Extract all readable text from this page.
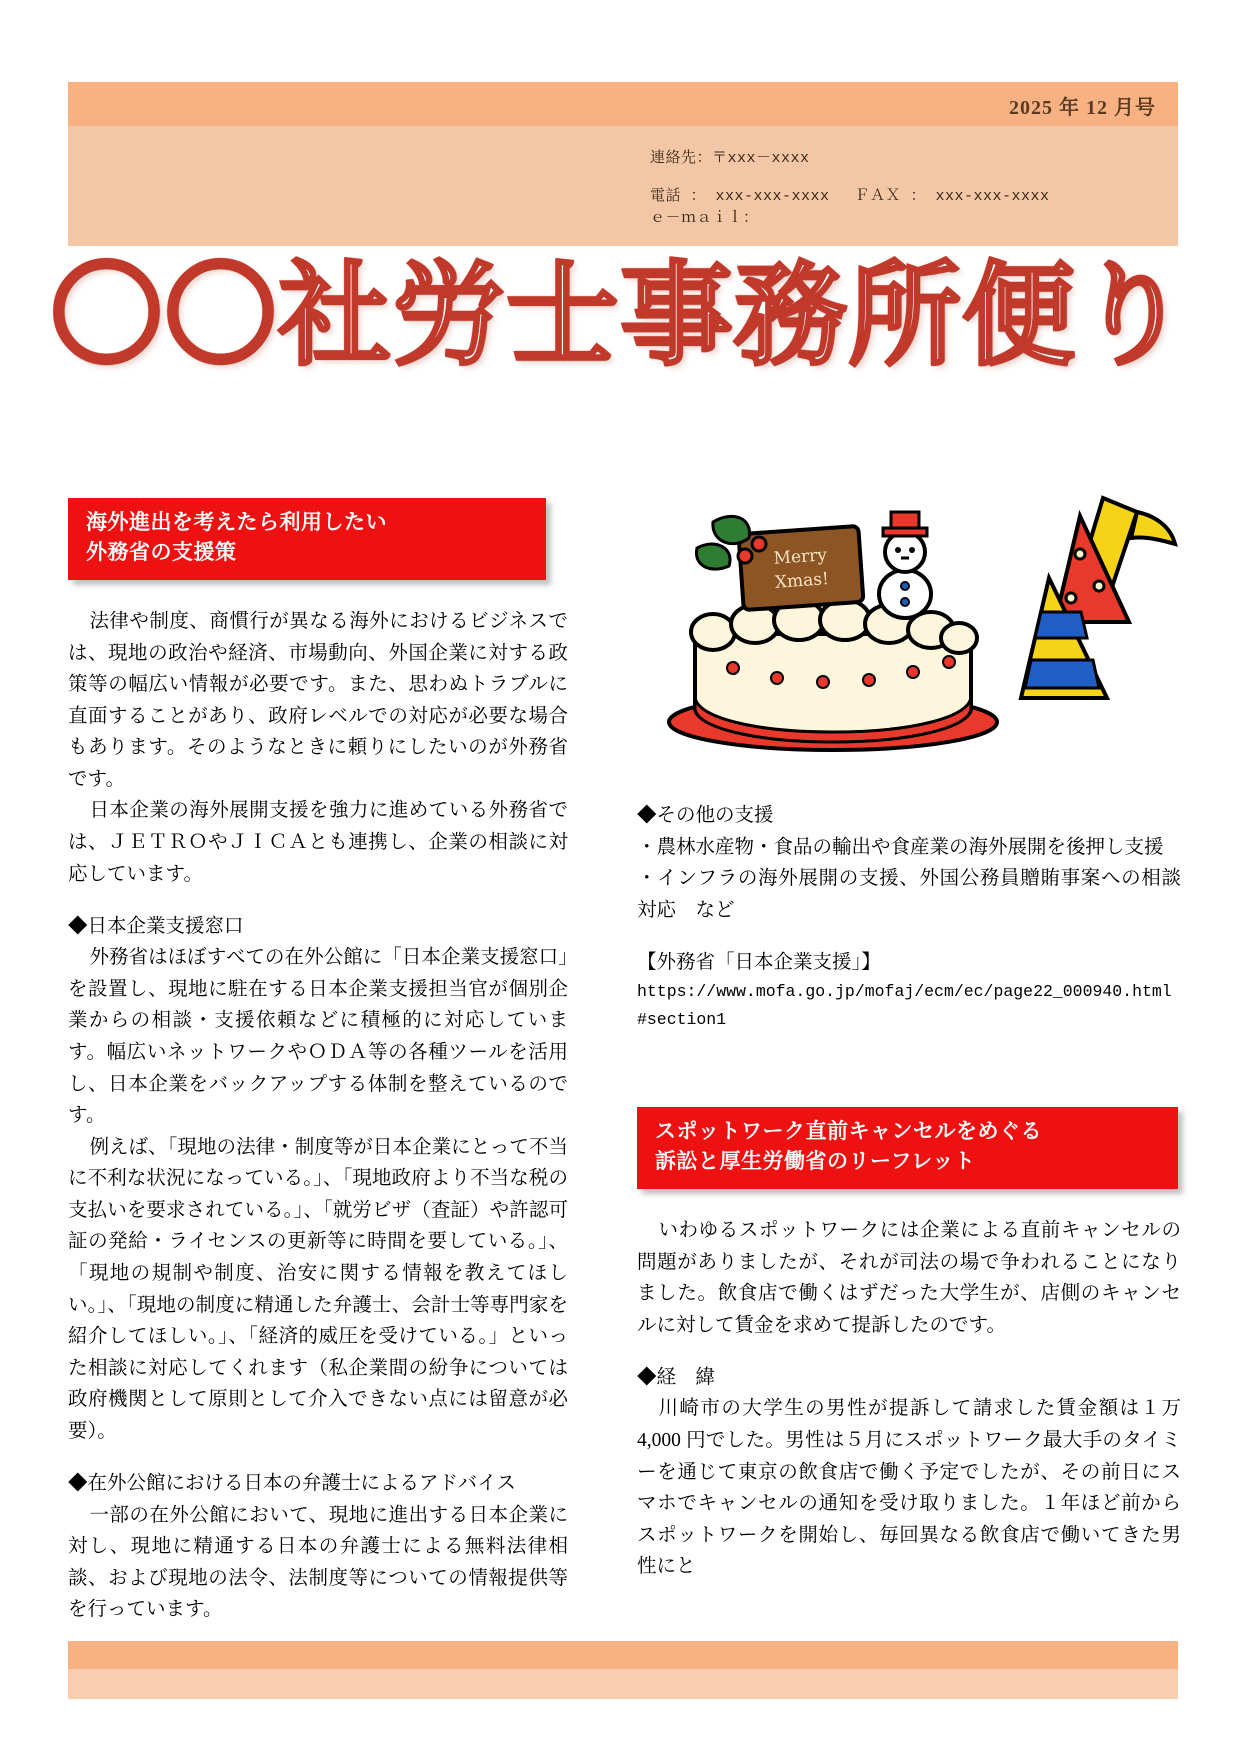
2025 年 12 月号
連絡先：〒xxx－xxxx
電話 ： xxx-xxx-xxxx 　ＦＡＸ ： xxx-xxx-xxxx
ｅ－ｍａｉｌ：
〇〇社労士事務所便り
海外進出を考えたら利用したい
外務省の支援策

法律や制度、商慣行が異なる海外におけるビジネスでは、現地の政治や経済、市場動向、外国企業に対する政策等の幅広い情報が必要です。また、思わぬトラブルに直面することがあり、政府レベルでの対応が必要な場合もあります。そのようなときに頼りにしたいのが外務省です。

日本企業の海外展開支援を強力に進めている外務省では、ＪＥＴＲＯやＪＩＣＡとも連携し、企業の相談に対応しています。

◆日本企業支援窓口

外務省はほぼすべての在外公館に「日本企業支援窓口」を設置し、現地に駐在する日本企業支援担当官が個別企業からの相談・支援依頼などに積極的に対応しています。幅広いネットワークやＯＤＡ等の各種ツールを活用し、日本企業をバックアップする体制を整えているのです。

例えば、「現地の法律・制度等が日本企業にとって不当に不利な状況になっている。」、「現地政府より不当な税の支払いを要求されている。」、「就労ビザ（査証）や許認可証の発給・ライセンスの更新等に時間を要している。」、「現地の規制や制度、治安に関する情報を教えてほしい。」、「現地の制度に精通した弁護士、会計士等専門家を紹介してほしい。」、「経済的威圧を受けている。」といった相談に対応してくれます（私企業間の紛争については政府機関として原則として介入できない点には留意が必要）。

◆在外公館における日本の弁護士によるアドバイス

一部の在外公館において、現地に進出する日本企業に対し、現地に精通する日本の弁護士による無料法律相談、および現地の法令、法制度等についての情報提供等を行っています。

Merry
Xmas!

◆その他の支援

・農林水産物・食品の輸出や食産業の海外展開を後押し支援

・インフラの海外展開の支援、外国公務員贈賄事案への相談対応　など

【外務省「日本企業支援」】

https://www.mofa.go.jp/mofaj/ecm/ec/page22_000940.html#section1

スポットワーク直前キャンセルをめぐる
訴訟と厚生労働省のリーフレット

いわゆるスポットワークには企業による直前キャンセルの問題がありましたが、それが司法の場で争われることになりました。飲食店で働くはずだった大学生が、店側のキャンセルに対して賃金を求めて提訴したのです。

◆経　緯

川崎市の大学生の男性が提訴して請求した賃金額は１万4,000 円でした。男性は５月にスポットワーク最大手のタイミーを通じて東京の飲食店で働く予定でしたが、その前日にスマホでキャンセルの通知を受け取りました。１年ほど前からスポットワークを開始し、毎回異なる飲食店で働いてきた男性にと
